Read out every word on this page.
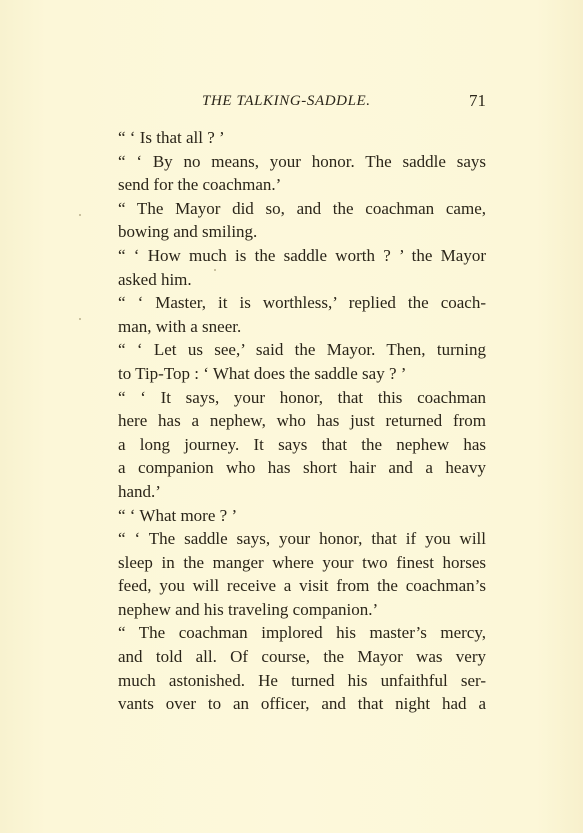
THE TALKING-SADDLE.	71
“ ‘ Is that all ? ’
“ ‘ By no means, your honor. The saddle says
send for the coachman.’
“ The Mayor did so, and the coachman came,
bowing and smiling.
“ ‘ How much is the saddle worth ? ’ the Mayor
asked him.
“ ‘ Master, it is worthless,’ replied the coach-
man, with a sneer.
“ ‘ Let us see,’ said the Mayor. Then, turning
to Tip-Top : ‘ What does the saddle say ? ’
“ ‘ It says, your honor, that this coachman
here has a nephew, who has just returned from
a long journey. It says that the nephew has
a companion who has short hair and a heavy
hand.’
“ ‘ What more ? ’
“ ‘ The saddle says, your honor, that if you will
sleep in the manger where your two finest horses
feed, you will receive a visit from the coachman’s
nephew and his traveling companion.’
“ The coachman implored his master’s mercy,
and told all. Of course, the Mayor was very
much astonished. He turned his unfaithful ser-
vants over to an officer, and that night had a
